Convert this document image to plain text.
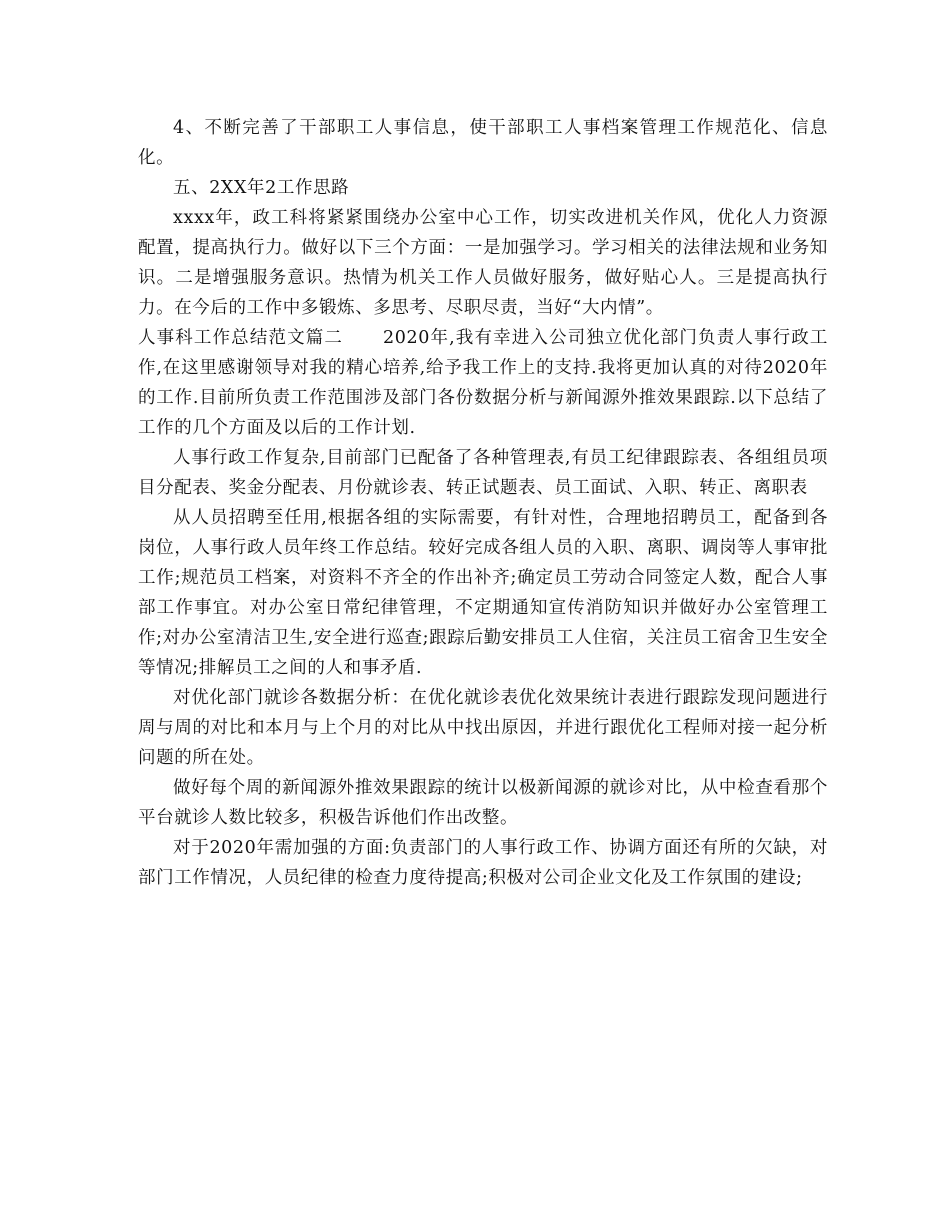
4、不断完善了干部职工人事信息，使干部职工人事档案管理工作规范化、信息化。

五、2XX年2工作思路

xxxx年，政工科将紧紧围绕办公室中心工作，切实改进机关作风，优化人力资源配置，提高执行力。做好以下三个方面：一是加强学习。学习相关的法律法规和业务知识。二是增强服务意识。热情为机关工作人员做好服务，做好贴心人。三是提高执行力。在今后的工作中多锻炼、多思考、尽职尽责，当好“大内情”。

人事科工作总结范文篇二 2020年,我有幸进入公司独立优化部门负责人事行政工作,在这里感谢领导对我的精心培养,给予我工作上的支持.我将更加认真的对待2020年的工作.目前所负责工作范围涉及部门各份数据分析与新闻源外推效果跟踪.以下总结了工作的几个方面及以后的工作计划.

人事行政工作复杂,目前部门已配备了各种管理表,有员工纪律跟踪表、各组组员项目分配表、奖金分配表、月份就诊表、转正试题表、员工面试、入职、转正、离职表

从人员招聘至任用,根据各组的实际需要，有针对性，合理地招聘员工，配备到各岗位，人事行政人员年终工作总结。较好完成各组人员的入职、离职、调岗等人事审批工作;规范员工档案，对资料不齐全的作出补齐;确定员工劳动合同签定人数，配合人事部工作事宜。对办公室日常纪律管理，不定期通知宣传消防知识并做好办公室管理工作;对办公室清洁卫生,安全进行巡查;跟踪后勤安排员工人住宿，关注员工宿舍卫生安全等情况;排解员工之间的人和事矛盾.

对优化部门就诊各数据分析：在优化就诊表优化效果统计表进行跟踪发现问题进行周与周的对比和本月与上个月的对比从中找出原因，并进行跟优化工程师对接一起分析问题的所在处。

做好每个周的新闻源外推效果跟踪的统计以极新闻源的就诊对比，从中检查看那个平台就诊人数比较多，积极告诉他们作出改整。

对于2020年需加强的方面:负责部门的人事行政工作、协调方面还有所的欠缺，对部门工作情况，人员纪律的检查力度待提高;积极对公司企业文化及工作氛围的建设;
